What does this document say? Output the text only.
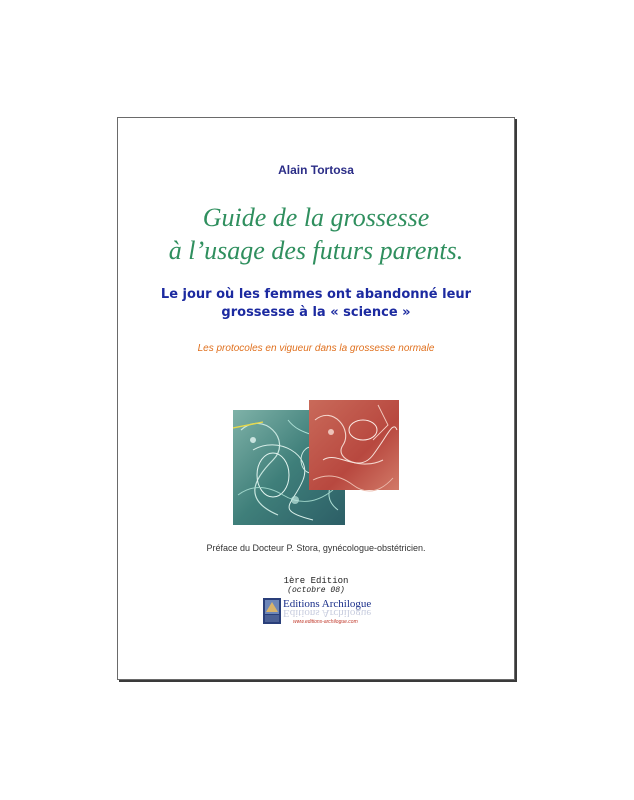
Alain Tortosa
Guide de la grossesse
à l’usage des futurs parents.
Le jour où les femmes ont abandonné leur
grossesse à la « science »
Les protocoles en vigueur dans la grossesse normale
Préface du Docteur P. Stora, gynécologue-obstétricien.
1ère Edition
(octobre 08)
Editions Archilogue
Editions Archilogue
www.editions-archilogue.com
